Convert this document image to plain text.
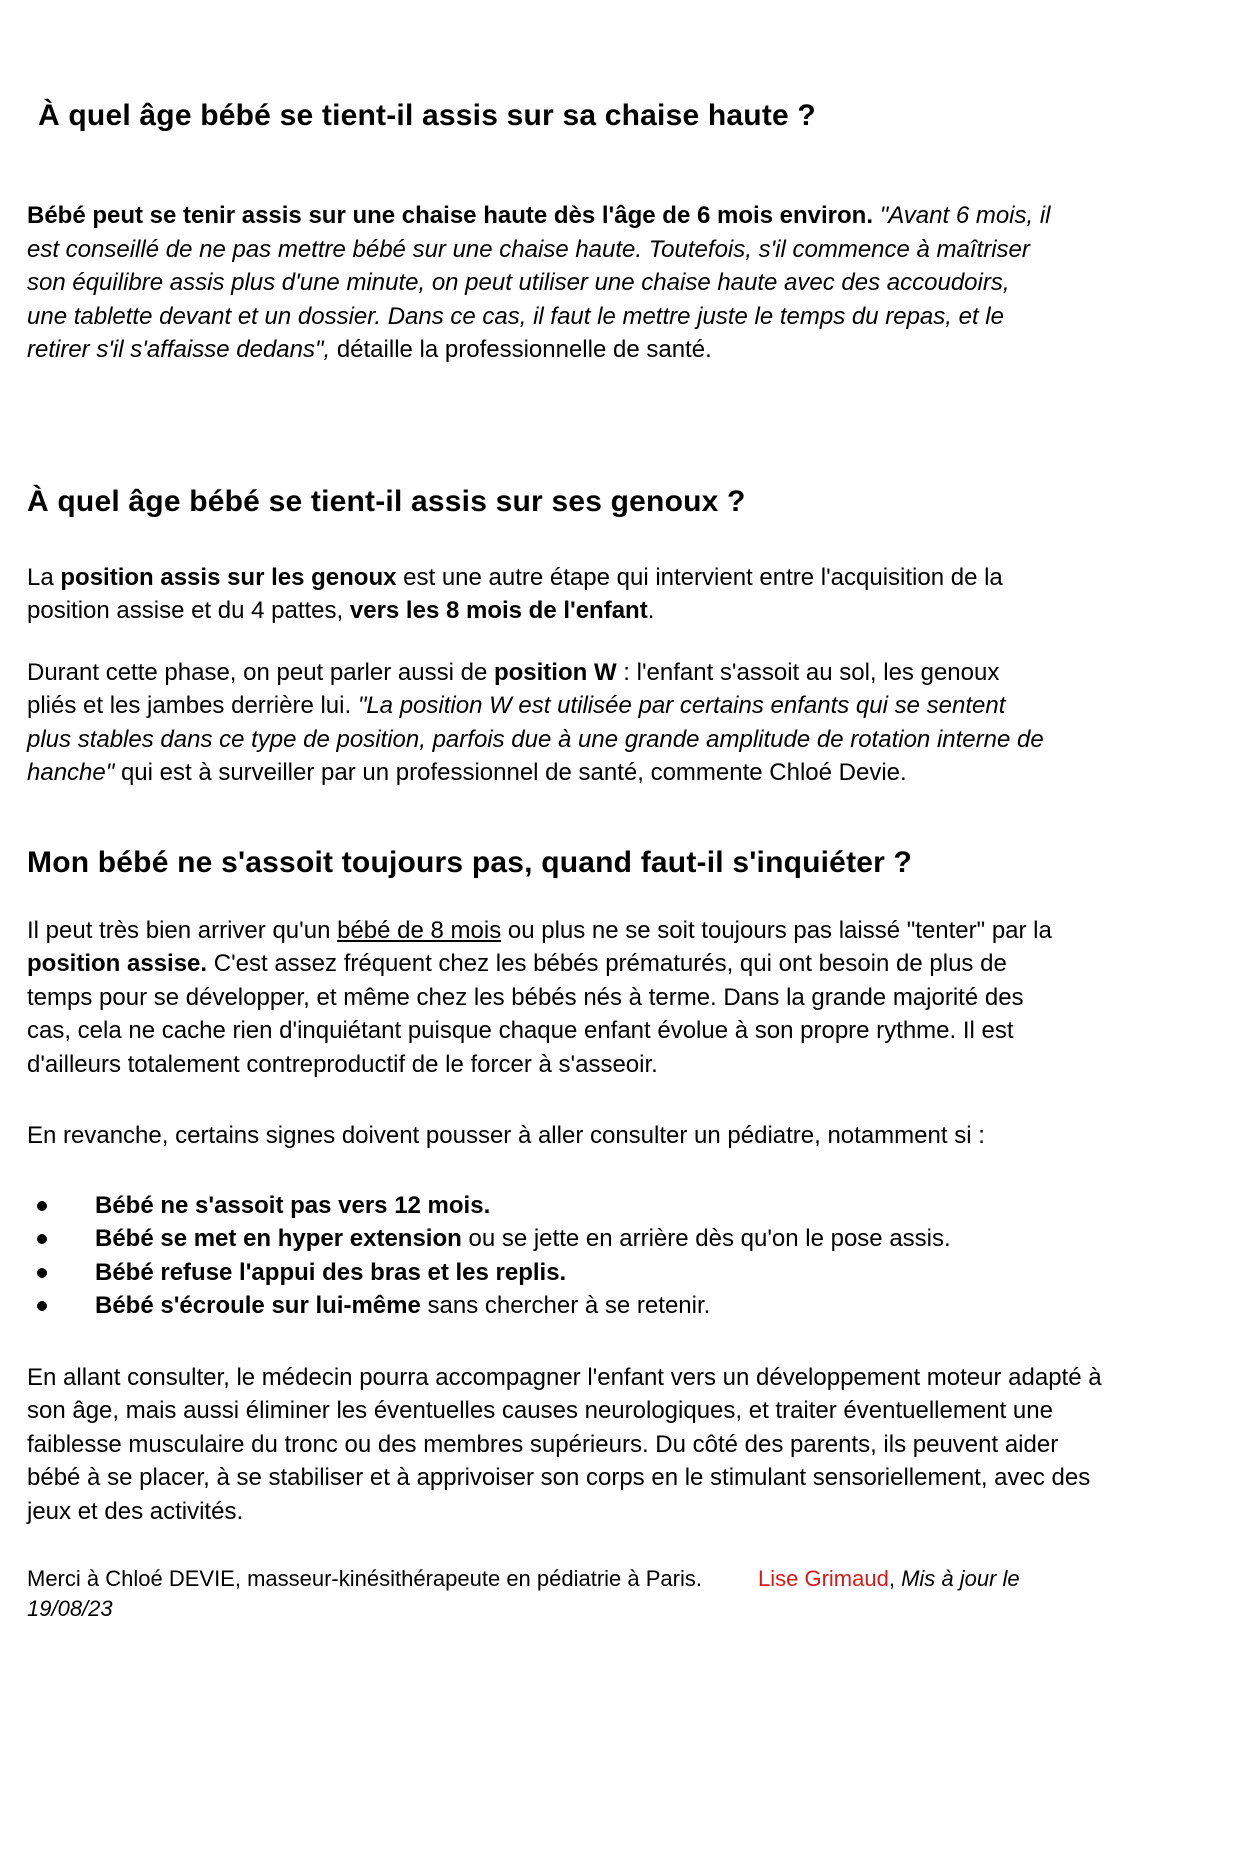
À quel âge bébé se tient-il assis sur sa chaise haute ?

Bébé peut se tenir assis sur une chaise haute dès l'âge de 6 mois environ. "Avant 6 mois, il est conseillé de ne pas mettre bébé sur une chaise haute. Toutefois, s'il commence à maîtriser son équilibre assis plus d'une minute, on peut utiliser une chaise haute avec des accoudoirs, une tablette devant et un dossier. Dans ce cas, il faut le mettre juste le temps du repas, et le retirer s'il s'affaisse dedans", détaille la professionnelle de santé.

À quel âge bébé se tient-il assis sur ses genoux ?

La position assis sur les genoux est une autre étape qui intervient entre l'acquisition de la position assise et du 4 pattes, vers les 8 mois de l'enfant.

Durant cette phase, on peut parler aussi de position W : l'enfant s'assoit au sol, les genoux pliés et les jambes derrière lui. "La position W est utilisée par certains enfants qui se sentent plus stables dans ce type de position, parfois due à une grande amplitude de rotation interne de hanche" qui est à surveiller par un professionnel de santé, commente Chloé Devie.

Mon bébé ne s'assoit toujours pas, quand faut-il s'inquiéter ?

Il peut très bien arriver qu'un bébé de 8 mois ou plus ne se soit toujours pas laissé "tenter" par la position assise. C'est assez fréquent chez les bébés prématurés, qui ont besoin de plus de temps pour se développer, et même chez les bébés nés à terme. Dans la grande majorité des cas, cela ne cache rien d'inquiétant puisque chaque enfant évolue à son propre rythme. Il est d'ailleurs totalement contreproductif de le forcer à s'asseoir.

En revanche, certains signes doivent pousser à aller consulter un pédiatre, notamment si :

Bébé ne s'assoit pas vers 12 mois.
Bébé se met en hyper extension ou se jette en arrière dès qu'on le pose assis.
Bébé refuse l'appui des bras et les replis.
Bébé s'écroule sur lui-même sans chercher à se retenir.

En allant consulter, le médecin pourra accompagner l'enfant vers un développement moteur adapté à son âge, mais aussi éliminer les éventuelles causes neurologiques, et traiter éventuellement une faiblesse musculaire du tronc ou des membres supérieurs. Du côté des parents, ils peuvent aider bébé à se placer, à se stabiliser et à apprivoiser son corps en le stimulant sensoriellement, avec des jeux et des activités.

Merci à Chloé DEVIE, masseur-kinésithérapeute en pédiatrie à Paris.	Lise Grimaud, Mis à jour le 19/08/23
